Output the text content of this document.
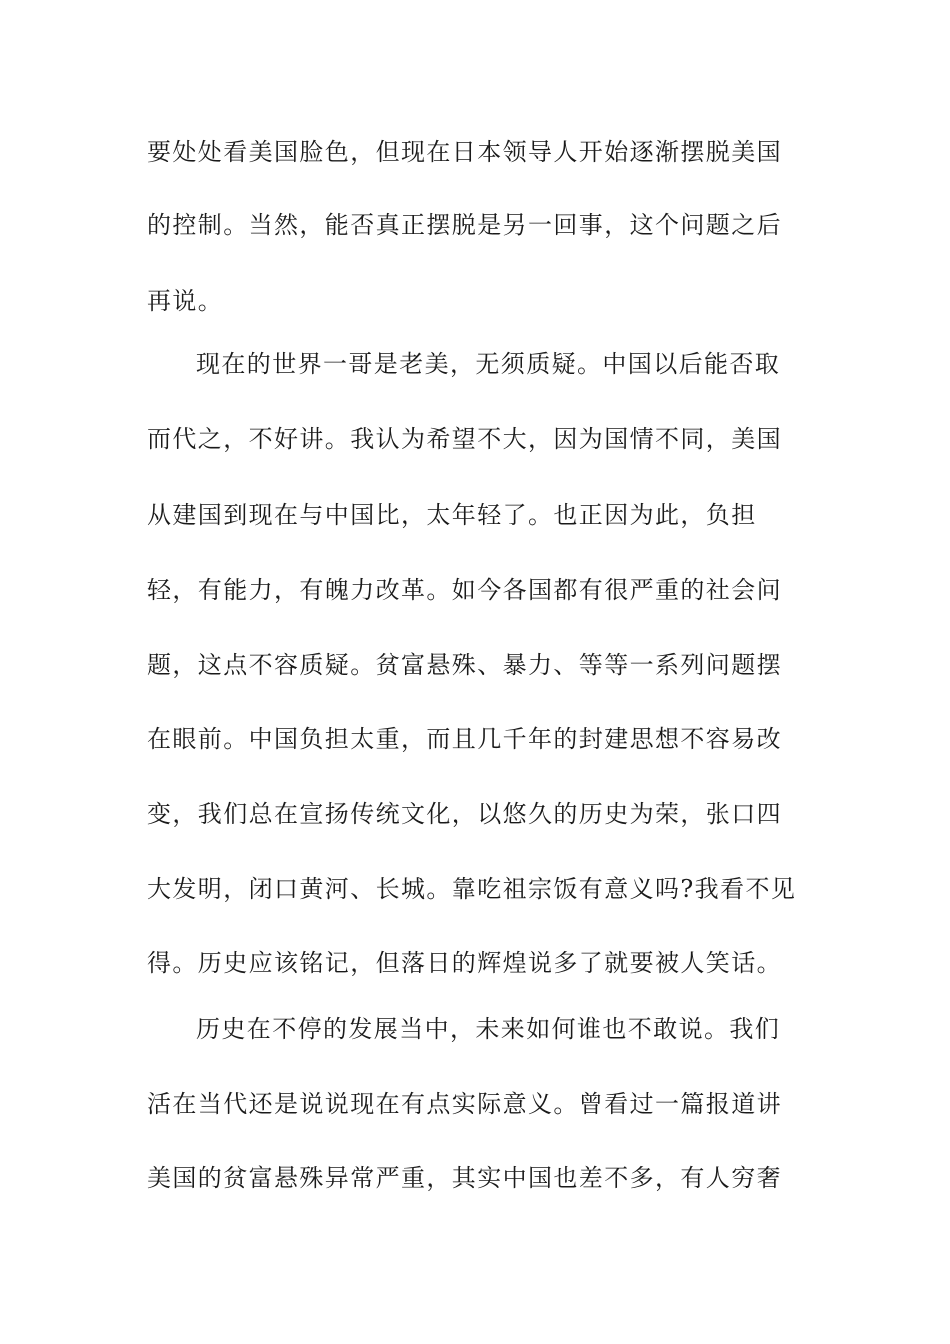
要处处看美国脸色，但现在日本领导人开始逐渐摆脱美国
的控制。当然，能否真正摆脱是另一回事，这个问题之后
再说。
现在的世界一哥是老美，无须质疑。中国以后能否取
而代之，不好讲。我认为希望不大，因为国情不同，美国
从建国到现在与中国比，太年轻了。也正因为此，负担
轻，有能力，有魄力改革。如今各国都有很严重的社会问
题，这点不容质疑。贫富悬殊、暴力、等等一系列问题摆
在眼前。中国负担太重，而且几千年的封建思想不容易改
变，我们总在宣扬传统文化，以悠久的历史为荣，张口四
大发明，闭口黄河、长城。靠吃祖宗饭有意义吗?我看不见
得。历史应该铭记，但落日的辉煌说多了就要被人笑话。
历史在不停的发展当中，未来如何谁也不敢说。我们
活在当代还是说说现在有点实际意义。曾看过一篇报道讲
美国的贫富悬殊异常严重，其实中国也差不多，有人穷奢
